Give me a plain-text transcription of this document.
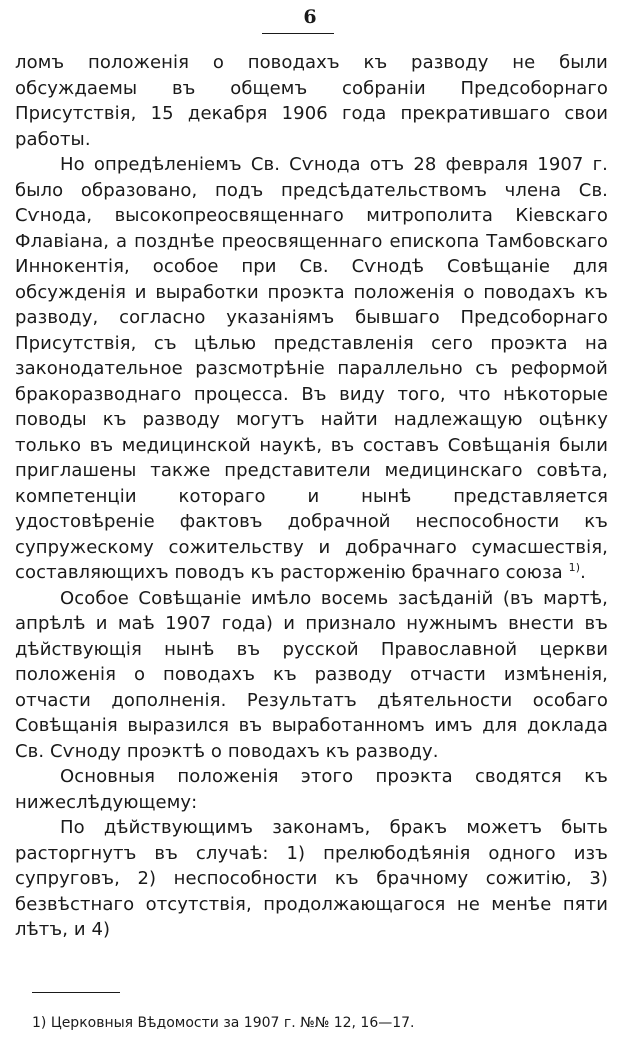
6

ломъ положенія о поводахъ къ разводу не были обсуждаемы въ общемъ собраніи Предсоборнаго Присутствія, 15 декабря 1906 года прекратившаго свои работы.

Но опредѣленіемъ Св. Сѵнода отъ 28 февраля 1907 г. было образовано, подъ предсѣдательствомъ члена Св. Сѵнода, высокопреосвященнаго митрополита Кіевскаго Флавіана, а позднѣе преосвященнаго епископа Тамбовскаго Иннокентія, особое при Св. Сѵнодѣ Совѣщаніе для обсужденія и выработки проэкта положенія о поводахъ къ разводу, согласно указаніямъ бывшаго Предсоборнаго Присутствія, съ цѣлью представленія сего проэкта на законодательное разсмотрѣніе параллельно съ реформой бракоразводнаго процесса. Въ виду того, что нѣкоторые поводы къ разводу могутъ найти надлежащую оцѣнку только въ медицинской наукѣ, въ составъ Совѣщанія были приглашены также представители медицинскаго совѣта, компетенціи котораго и нынѣ представляется удостовѣреніе фактовъ добрачной неспособности къ супружескому сожительству и добрачнаго сумасшествія, составляющихъ поводъ къ расторженію брачнаго союза $^{1)}$.

Особое Совѣщаніе имѣло восемь засѣданій (въ мартѣ, апрѣлѣ и маѣ 1907 года) и признало нужнымъ внести въ дѣйствующія нынѣ въ русской Православной церкви положенія о поводахъ къ разводу отчасти измѣненія, отчасти дополненія. Результатъ дѣятельности особаго Совѣщанія выразился въ выработанномъ имъ для доклада Св. Сѵноду проэктѣ о поводахъ къ разводу.

Основныя положенія этого проэкта сводятся къ нижеслѣдующему:

По дѣйствующимъ законамъ, бракъ можетъ быть расторгнутъ въ случаѣ: 1) прелюбодѣянія одного изъ супруговъ, 2) неспособности къ брачному сожитію, 3) безвѣстнаго отсутствія, продолжающагося не менѣе пяти лѣтъ, и 4)

1) Церковныя Вѣдомости за 1907 г. №№ 12, 16—17.
